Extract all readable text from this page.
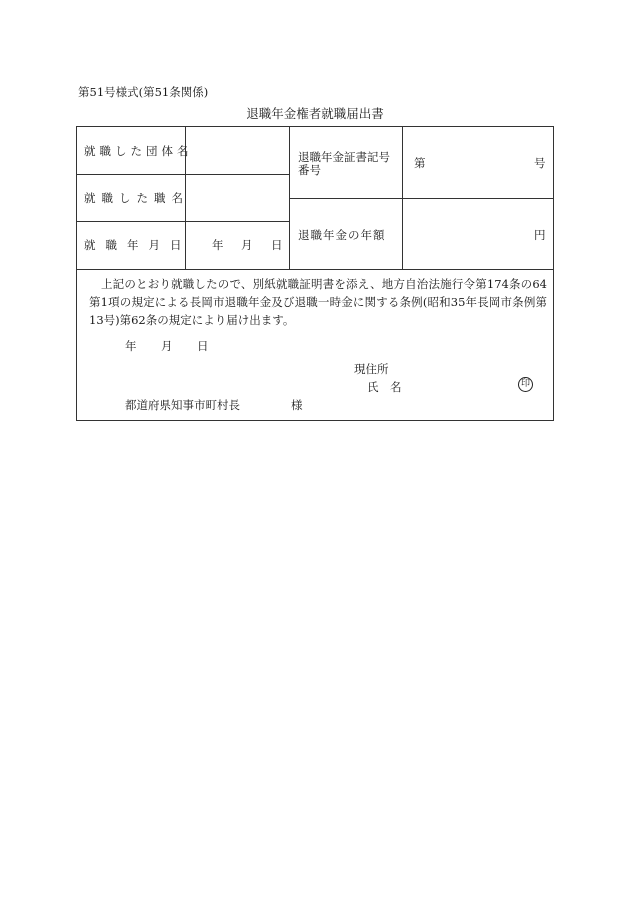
第51号様式(第51条関係)
退職年金権者就職届出書
就職した団体名
就職した職名
就職年月日 年 月 日
退職年金証書記号
番号	第	号
退職年金の年額	円
上記のとおり就職したので、別紙就職証明書を添え、地方自治法施行令第174条の64第1項の規定による長岡市退職年金及び退職一時金に関する条例(昭和35年長岡市条例第13号)第62条の規定により届け出ます。
年 月 日
現住所
氏　名	印
都道府県知事市町村長	様
